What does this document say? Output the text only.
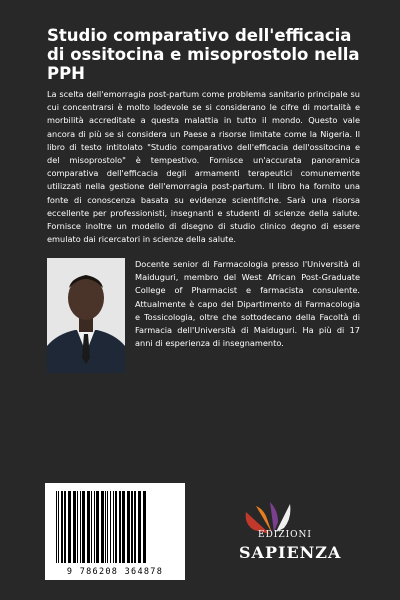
Studio comparativo dell'efficacia di ossitocina e misoprostolo nella PPH

La scelta dell'emorragia post-partum come problema sanitario principale su cui concentrarsi è molto lodevole se si considerano le cifre di mortalità e morbilità accreditate a questa malattia in tutto il mondo. Questo vale ancora di più se si considera un Paese a risorse limitate come la Nigeria. Il libro di testo intitolato "Studio comparativo dell'efficacia dell'ossitocina e del misoprostolo" è tempestivo. Fornisce un'accurata panoramica comparativa dell'efficacia degli armamenti terapeutici comunemente utilizzati nella gestione dell'emorragia post-partum. Il libro ha fornito una fonte di conoscenza basata su evidenze scientifiche. Sarà una risorsa eccellente per professionisti, insegnanti e studenti di scienze della salute. Fornisce inoltre un modello di disegno di studio clinico degno di essere emulato dai ricercatori in scienze della salute.

Docente senior di Farmacologia presso l'Università di Maiduguri, membro del West African Post-Graduate College of Pharmacist e farmacista consulente. Attualmente è capo del Dipartimento di Farmacologia e Tossicologia, oltre che sottodecano della Facoltà di Farmacia dell'Università di Maiduguri. Ha più di 17 anni di esperienza di insegnamento.

9 786208 364878
EDIZIONI
SAPIENZA
